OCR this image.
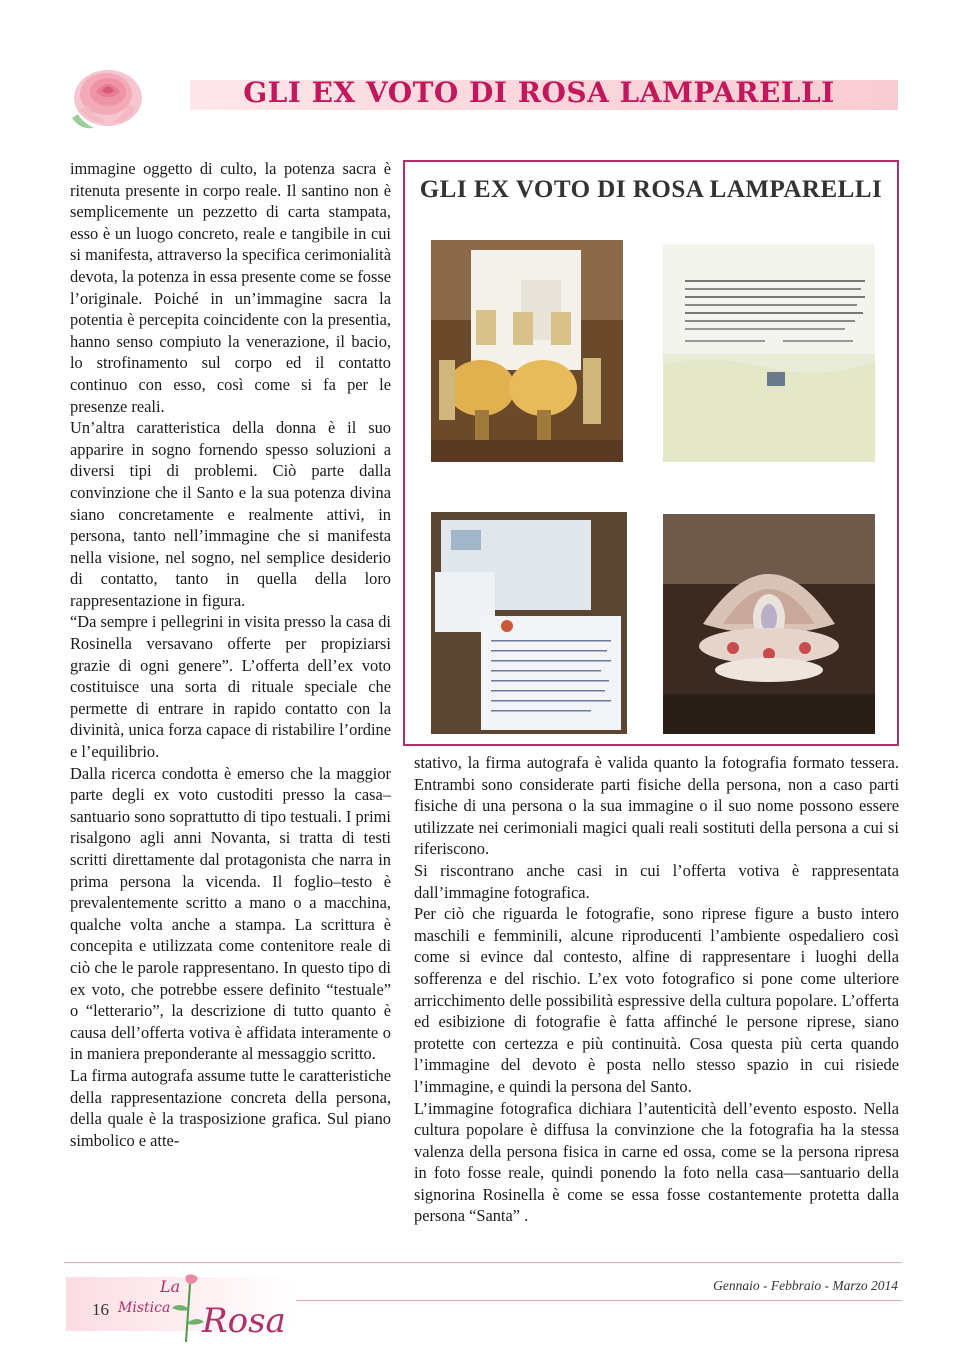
GLI EX VOTO DI ROSA LAMPARELLI

immagine oggetto di culto, la potenza sacra è ritenuta presente in corpo reale. Il santino non è semplicemente un pezzetto di carta stampata, esso è un luogo concreto, reale e tangibile in cui si manifesta, attraverso la specifica cerimonialità devota, la potenza in essa presente come se fosse l’originale. Poiché in un’immagine sacra la potentia è percepita coincidente con la presentia, hanno senso compiuto la venerazione, il bacio, lo strofinamento sul corpo ed il contatto continuo con esso, così come si fa per le presenze reali.

Un’altra caratteristica della donna è il suo apparire in sogno fornendo spesso soluzioni a diversi tipi di problemi. Ciò parte dalla convinzione che il Santo e la sua potenza divina siano concretamente e realmente attivi, in persona, tanto nell’immagine che si manifesta nella visione, nel sogno, nel semplice desiderio di contatto, tanto in quella della loro rappresentazione in figura.

“Da sempre i pellegrini in visita presso la casa di Rosinella versavano offerte per propiziarsi grazie di ogni genere”. L’offerta dell’ex voto costituisce una sorta di rituale speciale che permette di entrare in rapido contatto con la divinità, unica forza capace di ristabilire l’ordine e l’equilibrio.

Dalla ricerca condotta è emerso che la maggior parte degli ex voto custoditi presso la casa–santuario sono soprattutto di tipo testuali. I primi risalgono agli anni Novanta, si tratta di testi scritti direttamente dal protagonista che narra in prima persona la vicenda. Il foglio–testo è prevalentemente scritto a mano o a macchina, qualche volta anche a stampa. La scrittura è concepita e utilizzata come contenitore reale di ciò che le parole rappresentano. In questo tipo di ex voto, che potrebbe essere definito “testuale” o “letterario”, la descrizione di tutto quanto è causa dell’offerta votiva è affidata interamente o in maniera preponderante al messaggio scritto.

La firma autografa assume tutte le caratteristiche della rappresentazione concreta della persona, della quale è la trasposizione grafica. Sul piano simbolico e atte-

GLI EX VOTO DI ROSA LAMPARELLI

stativo, la firma autografa è valida quanto la fotografia formato tessera. Entrambi sono considerate parti fisiche della persona, non a caso parti fisiche di una persona o la sua immagine o il suo nome possono essere utilizzate nei cerimoniali magici quali reali sostituti della persona a cui si riferiscono.

Si riscontrano anche casi in cui l’offerta votiva è rappresentata dall’immagine fotografica.

Per ciò che riguarda le fotografie, sono riprese figure a busto intero maschili e femminili, alcune riproducenti l’ambiente ospedaliero così come si evince dal contesto, alfine di rappresentare i luoghi della sofferenza e del rischio. L’ex voto fotografico si pone come ulteriore arricchimento delle possibilità espressive della cultura popolare. L’offerta ed esibizione di fotografie è fatta affinché le persone riprese, siano protette con certezza e più continuità. Cosa questa più certa quando l’immagine del devoto è posta nello stesso spazio in cui risiede l’immagine, e quindi la persona del Santo.

L’immagine fotografica dichiara l’autenticità dell’evento esposto. Nella cultura popolare è diffusa la convinzione che la fotografia ha la stessa valenza della persona fisica in carne ed ossa, come se la persona ripresa in foto fosse reale, quindi ponendo la foto nella casa—santuario della signorina Rosinella è come se essa fosse costantemente protetta dalla persona “Santa” .

16
La
Mistica Rosa
Gennaio - Febbraio - Marzo 2014
